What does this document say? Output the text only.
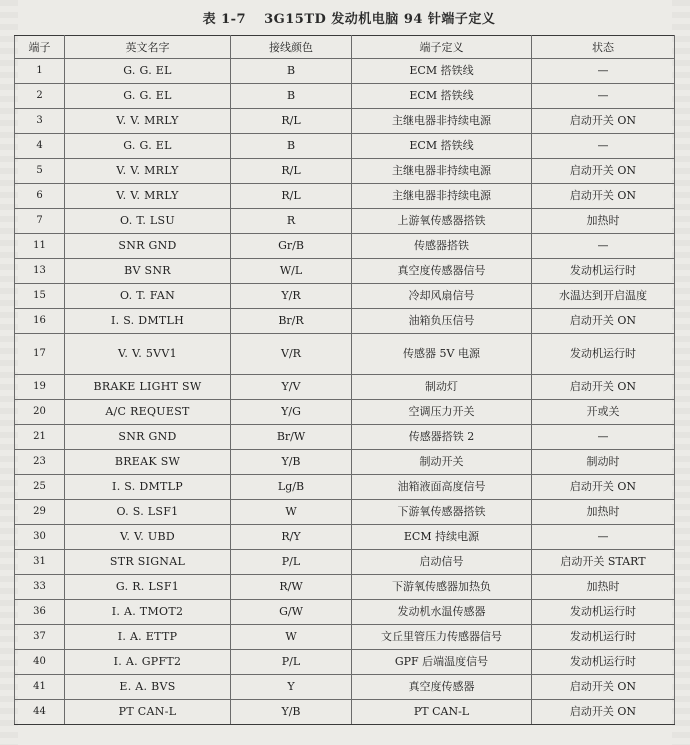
表 1-7 3G15TD 发动机电脑 94 针端子定义
端子	英文名字	接线颜色	端子定义	状态
1	G. G. EL	B	ECM 搭铁线	—
2	G. G. EL	B	ECM 搭铁线	—
3	V. V. MRLY	R/L	主继电器非持续电源	启动开关 ON
4	G. G. EL	B	ECM 搭铁线	—
5	V. V. MRLY	R/L	主继电器非持续电源	启动开关 ON
6	V. V. MRLY	R/L	主继电器非持续电源	启动开关 ON
7	O. T. LSU	R	上游氧传感器搭铁	加热时
11	SNR GND	Gr/B	传感器搭铁	—
13	BV SNR	W/L	真空度传感器信号	发动机运行时
15	O. T. FAN	Y/R	冷却风扇信号	水温达到开启温度
16	I. S. DMTLH	Br/R	油箱负压信号	启动开关 ON
17	V. V. 5VV1	V/R	传感器 5V 电源	发动机运行时
19	BRAKE LIGHT SW	Y/V	制动灯	启动开关 ON
20	A/C REQUEST	Y/G	空调压力开关	开或关
21	SNR GND	Br/W	传感器搭铁 2	—
23	BREAK SW	Y/B	制动开关	制动时
25	I. S. DMTLP	Lg/B	油箱液面高度信号	启动开关 ON
29	O. S. LSF1	W	下游氧传感器搭铁	加热时
30	V. V. UBD	R/Y	ECM 持续电源	—
31	STR SIGNAL	P/L	启动信号	启动开关 START
33	G. R. LSF1	R/W	下游氧传感器加热负	加热时
36	I. A. TMOT2	G/W	发动机水温传感器	发动机运行时
37	I. A. ETTP	W	文丘里管压力传感器信号	发动机运行时
40	I. A. GPFT2	P/L	GPF 后端温度信号	发动机运行时
41	E. A. BVS	Y	真空度传感器	启动开关 ON
44	PT CAN-L	Y/B	PT CAN-L	启动开关 ON
